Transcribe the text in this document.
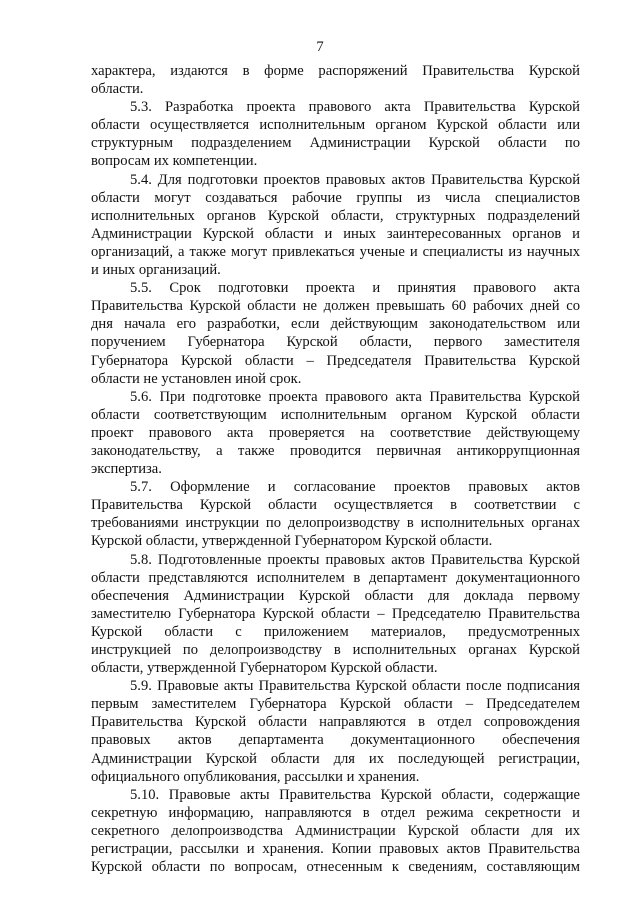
7
характера, издаются в форме распоряжений Правительства Курской
области.
5.3. Разработка проекта правового акта Правительства Курской
области осуществляется исполнительным органом Курской области или
структурным подразделением Администрации Курской области по
вопросам их компетенции.
5.4. Для подготовки проектов правовых актов Правительства Курской
области могут создаваться рабочие группы из числа специалистов
исполнительных органов Курской области, структурных подразделений
Администрации Курской области и иных заинтересованных органов и
организаций, а также могут привлекаться ученые и специалисты из научных
и иных организаций.
5.5. Срок подготовки проекта и принятия правового акта
Правительства Курской области не должен превышать 60 рабочих дней со
дня начала его разработки, если действующим законодательством или
поручением Губернатора Курской области, первого заместителя
Губернатора Курской области – Председателя Правительства Курской
области не установлен иной срок.
5.6. При подготовке проекта правового акта Правительства Курской
области соответствующим исполнительным органом Курской области
проект правового акта проверяется на соответствие действующему
законодательству, а также проводится первичная антикоррупционная
экспертиза.
5.7. Оформление и согласование проектов правовых актов
Правительства Курской области осуществляется в соответствии с
требованиями инструкции по делопроизводству в исполнительных органах
Курской области, утвержденной Губернатором Курской области.
5.8. Подготовленные проекты правовых актов Правительства Курской
области представляются исполнителем в департамент документационного
обеспечения Администрации Курской области для доклада первому
заместителю Губернатора Курской области – Председателю Правительства
Курской области с приложением материалов, предусмотренных
инструкцией по делопроизводству в исполнительных органах Курской
области, утвержденной Губернатором Курской области.
5.9. Правовые акты Правительства Курской области после подписания
первым заместителем Губернатора Курской области – Председателем
Правительства Курской области направляются в отдел сопровождения
правовых актов департамента документационного обеспечения
Администрации Курской области для их последующей регистрации,
официального опубликования, рассылки и хранения.
5.10. Правовые акты Правительства Курской области, содержащие
секретную информацию, направляются в отдел режима секретности и
секретного делопроизводства Администрации Курской области для их
регистрации, рассылки и хранения. Копии правовых актов Правительства
Курской области по вопросам, отнесенным к сведениям, составляющим
